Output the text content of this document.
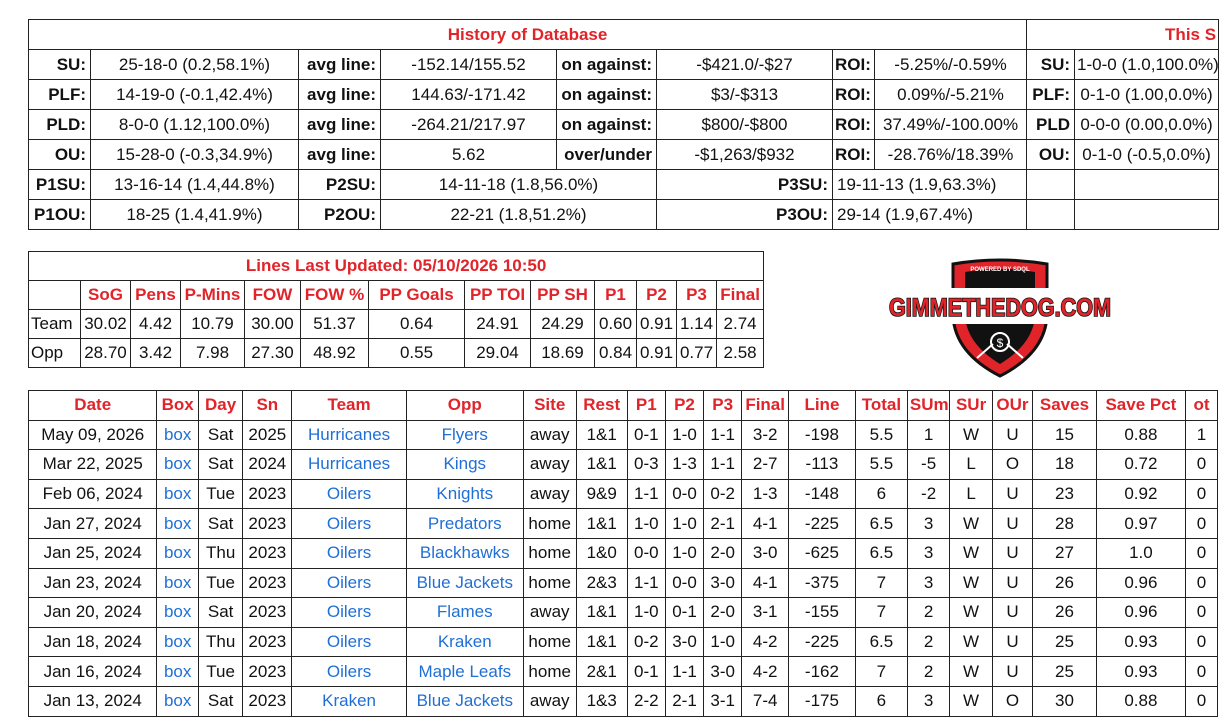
History of Database								This S	
SU:	25-18-0 (0.2,58.1%)	avg line:	-152.14/155.52	on against:	-$421.0/-$27	ROI:	-5.25%/-0.59%	SU:	1-0-0 (1.0,100.0%)
PLF:	14-19-0 (-0.1,42.4%)	avg line:	144.63/-171.42	on against:	$3/-$313	ROI:	0.09%/-5.21%	PLF:	0-1-0 (1.00,0.0%)
PLD:	8-0-0 (1.12,100.0%)	avg line:	-264.21/217.97	on against:	$800/-$800	ROI:	37.49%/-100.00%	PLD	0-0-0 (0.00,0.0%)
OU:	15-28-0 (-0.3,34.9%)	avg line:	5.62	over/under	-$1,263/$932	ROI:	-28.76%/18.39%	OU:	0-1-0 (-0.5,0.0%)
P1SU:	13-16-14 (1.4,44.8%)	P2SU:	14-11-18 (1.8,56.0%)		P3SU:	19-11-13 (1.9,63.3%)			
P1OU:	18-25 (1.4,41.9%)	P2OU:	22-21 (1.8,51.2%)		P3OU:	29-14 (1.9,67.4%)			
Lines Last Updated: 05/10/2026 10:50												
	SoG	Pens	P-Mins	FOW	FOW %	PP Goals	PP TOI	PP SH	P1	P2	P3	Final
Team	30.02	4.42	10.79	30.00	51.37	0.64	24.91	24.29	0.60	0.91	1.14	2.74
Opp	28.70	3.42	7.98	27.30	48.92	0.55	29.04	18.69	0.84	0.91	0.77	2.58
POWERED BY SDQL
GIMMETHEDOG.COM
$
Date	Box	Day	Sn	Team	Opp	Site	Rest	P1	P2	P3	Final	Line	Total	SUm	SUr	OUr	Saves	Save Pct	ot
May 09, 2026	box	Sat	2025	Hurricanes	Flyers	away	1&1	0-1	1-0	1-1	3-2	-198	5.5	1	W	U	15	0.88	1
Mar 22, 2025	box	Sat	2024	Hurricanes	Kings	away	1&1	0-3	1-3	1-1	2-7	-113	5.5	-5	L	O	18	0.72	0
Feb 06, 2024	box	Tue	2023	Oilers	Knights	away	9&9	1-1	0-0	0-2	1-3	-148	6	-2	L	U	23	0.92	0
Jan 27, 2024	box	Sat	2023	Oilers	Predators	home	1&1	1-0	1-0	2-1	4-1	-225	6.5	3	W	U	28	0.97	0
Jan 25, 2024	box	Thu	2023	Oilers	Blackhawks	home	1&0	0-0	1-0	2-0	3-0	-625	6.5	3	W	U	27	1.0	0
Jan 23, 2024	box	Tue	2023	Oilers	Blue Jackets	home	2&3	1-1	0-0	3-0	4-1	-375	7	3	W	U	26	0.96	0
Jan 20, 2024	box	Sat	2023	Oilers	Flames	away	1&1	1-0	0-1	2-0	3-1	-155	7	2	W	U	26	0.96	0
Jan 18, 2024	box	Thu	2023	Oilers	Kraken	home	1&1	0-2	3-0	1-0	4-2	-225	6.5	2	W	U	25	0.93	0
Jan 16, 2024	box	Tue	2023	Oilers	Maple Leafs	home	2&1	0-1	1-1	3-0	4-2	-162	7	2	W	U	25	0.93	0
Jan 13, 2024	box	Sat	2023	Kraken	Blue Jackets	away	1&3	2-2	2-1	3-1	7-4	-175	6	3	W	O	30	0.88	0
